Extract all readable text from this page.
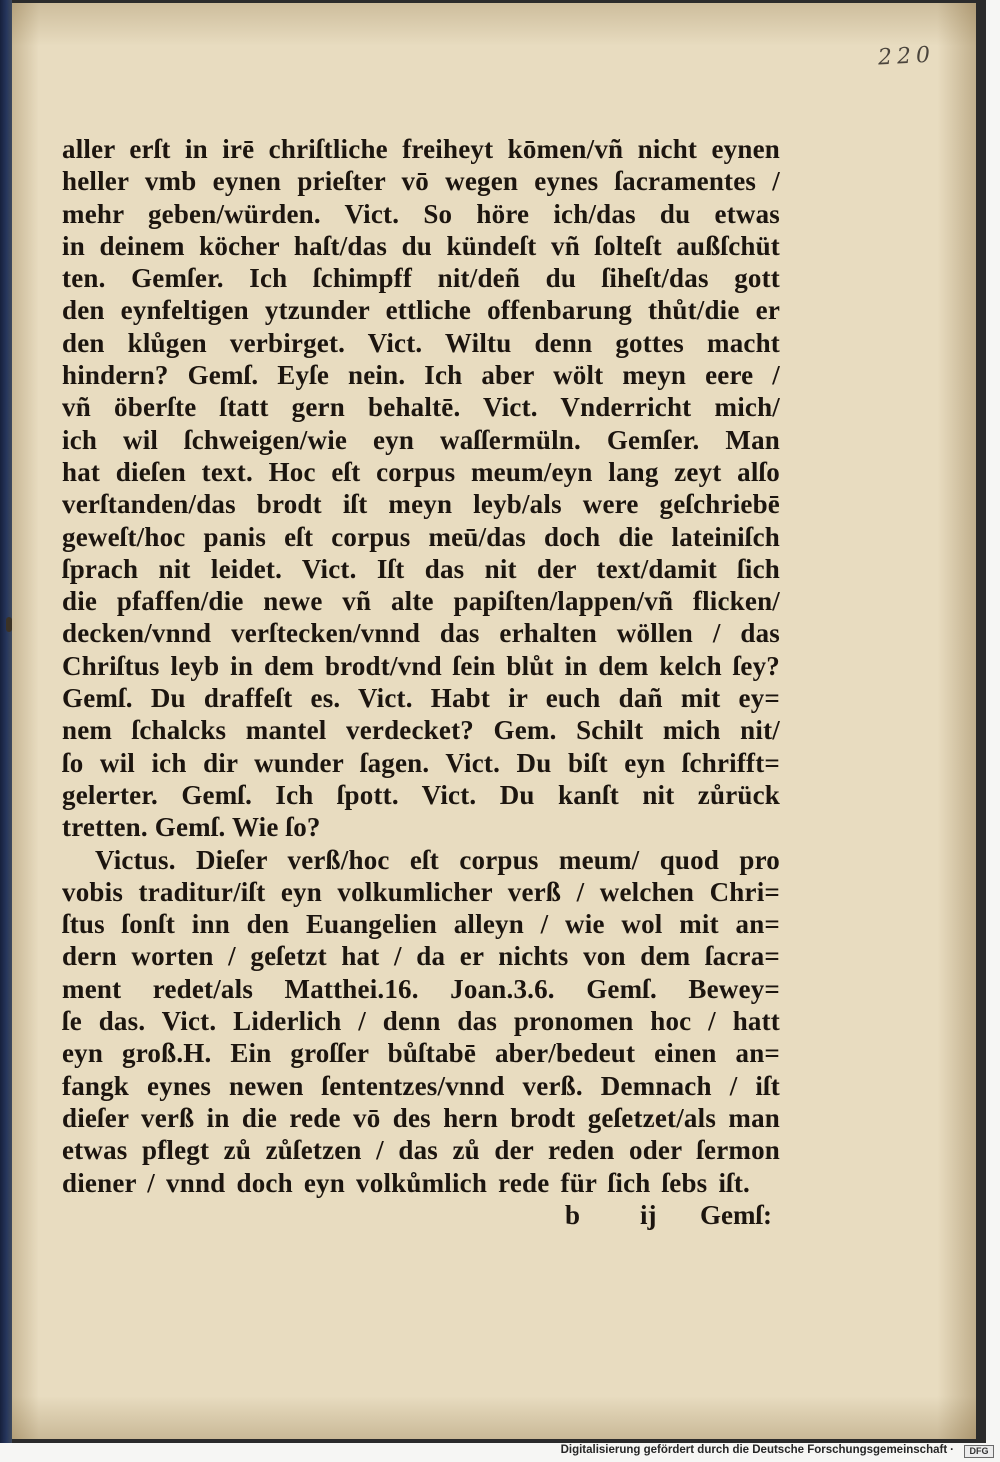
220
aller erſt in irē chriſtliche freiheyt kōmen/vñ nicht eynen
heller vmb eynen prieſter vō wegen eynes ſacramentes /
mehr geben/würden. Vict. So höre ich/das du etwas
in deinem köcher haſt/das du kündeſt vñ ſolteſt außſchüt
ten. Gemſer. Ich ſchimpff nit/deñ du ſiheſt/das gott
den eynfeltigen ytzunder ettliche offenbarung thůt/die er
den klůgen verbirget. Vict. Wiltu denn gottes macht
hindern? Gemſ. Eyſe nein. Ich aber wölt meyn eere /
vñ öberſte ſtatt gern behaltē. Vict. Vnderricht mich/
ich wil ſchweigen/wie eyn waſſermüln. Gemſer. Man
hat dieſen text. Hoc eſt corpus meum/eyn lang zeyt alſo
verſtanden/das brodt iſt meyn leyb/als were geſchriebē
geweſt/hoc panis eſt corpus meū/das doch die lateiniſch
ſprach nit leidet. Vict. Iſt das nit der text/damit ſich
die pfaffen/die newe vñ alte papiſten/lappen/vñ flicken/
decken/vnnd verſtecken/vnnd das erhalten wöllen / das
Chriſtus leyb in dem brodt/vnd ſein blůt in dem kelch ſey?
Gemſ. Du draffeſt es. Vict. Habt ir euch dañ mit ey=
nem ſchalcks mantel verdecket? Gem. Schilt mich nit/
ſo wil ich dir wunder ſagen. Vict. Du biſt eyn ſchrifft=
gelerter. Gemſ. Ich ſpott. Vict. Du kanſt nit zůrück
tretten. Gemſ. Wie ſo?
Victus. Dieſer verß/hoc eſt corpus meum/ quod pro
vobis traditur/iſt eyn volkumlicher verß / welchen Chri=
ſtus ſonſt inn den Euangelien alleyn / wie wol mit an=
dern worten / geſetzt hat / da er nichts von dem ſacra=
ment redet/als Matthei.16. Joan.3.6. Gemſ. Bewey=
ſe das. Vict. Liderlich / denn das pronomen hoc / hatt
eyn groß.H. Ein groſſer bůſtabē aber/bedeut einen an=
fangk eynes newen ſententzes/vnnd verß. Demnach / iſt
dieſer verß in die rede vō des hern brodt geſetzet/als man
etwas pflegt zů zůſetzen / das zů der reden oder ſermon
diener / vnnd doch eyn volkůmlich rede für ſich ſebs iſt.
b ij Gemſ:
Digitalisierung gefördert durch die Deutsche Forschungsgemeinschaft ·	DFG
